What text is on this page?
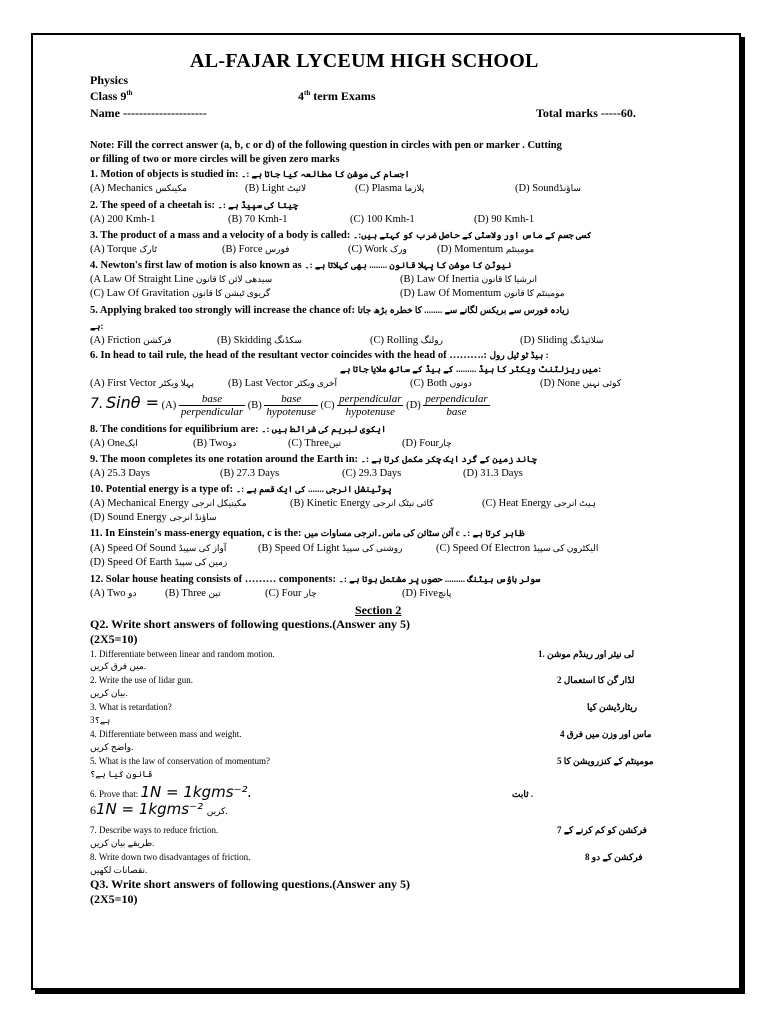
AL-FAJAR LYCEUM HIGH SCHOOL
Physics
Class 9th	4th term Exams
Name ---------------------	Total marks -----60.
Note: Fill the correct answer (a, b, c or d) of the following question in circles with pen or marker . Cutting
or filling of two or more circles will be given zero marks
1. Motion of objects is studied in: اجسام کی موشن کا مطالعہ کیا جاتا ہے :۔
(A) Mechanics مکینکس	(B) Light لائیٹ	(C) Plasma پلازما	(D) Soundساؤنڈ
2. The speed of a cheetah is: چیتا کی سپیڈ ہے :۔
(A) 200 Kmh-1	(B) 70 Kmh-1	(C) 100 Kmh-1	(D) 90 Kmh-1
3. The product of a mass and a velocity of a body is called: کسی جسم کے ماس اور ولاسٹی کے حاصل ضرب کو کہتے ہیں:۔
(A) Torque ٹارک	(B) Force فورس	(C) Work ورک	(D) Momentum مومینٹم
4. Newton's first law of motion is also known as نیوٹن کا موشن کا پہلا قانون ........ بھی کہلاتا ہے :۔
(A Law Of Straight Line سیدھی لائن کا قانون	(B) Law Of Inertia انرشیا کا قانون
(C) Law Of Gravitation گریوی ٹیشن کا قانون	(D) Law Of Momentum مومینٹم کا قانون
5. Applying braked too strongly will increase the chance of: زیادہ فورس سے بریکس لگانے سے ........ کا خطرہ بڑھ جاتا
ہے:
(A) Friction فرکشن	(B) Skidding سکڈنگ	(C) Rolling رولنگ	(D) Sliding سلائیڈنگ
6. In head to tail rule, the head of the resultant vector coincides with the head of ……….: ہیڈ ٹو ٹیل رول :
میں ریزلٹنٹ ویکٹر کا ہیڈ ......... کے ہیڈ کے ساتھ ملایا جاتا ہے:
(A) First Vector پہلا ویکٹر	(B) Last Vector آخری ویکٹر	(C) Both دونوں	(D) None کوئی نہیں
7. $Sin\theta = (A) \frac{\text{base}}{\text{perpendicular}} (B) \frac{\text{base}}{\text{hypotenuse}} (C) \frac{\text{perpendicular}}{\text{hypotenuse}} (D) \frac{\text{perpendicular}}{\text{base}}$
8. The conditions for equilibrium are: ایکوی لبریم کی شرائط ہیں :۔
(A) Oneایک	(B) Twoدو	(C) Threeتین	(D) Fourچار
9. The moon completes its one rotation around the Earth in: چاند زمین کے گرد ایک چکر مکمل کرتا ہے :۔
(A) 25.3 Days	(B) 27.3 Days	(C) 29.3 Days	(D) 31.3 Days
10. Potential energy is a type of: پوٹینشل انرجی ....... کی ایک قسم ہے :۔
(A) Mechanical Energy مکینیکل انرجی	(B) Kinetic Energy کائی نیٹک انرجی	(C) Heat Energy ہیٹ انرجی
(D) Sound Energy ساؤنڈ انرجی
11. In Einstein's mass-energy equation, c is the: آئن سٹائن کی ماس۔انرجی مساوات میں c ظاہر کرتا ہے :۔
(A) Speed Of Sound آواز کی سپیڈ	(B) Speed Of Light روشنی کی سپیڈ	(C) Speed Of Electron الیکٹرون کی سپیڈ
(D) Speed Of Earth زمین کی سپیڈ
12. Solar house heating consists of ……… components: سولر ہاؤس ہیٹنگ ......... حصوں پر مشتمل ہوتا ہے :۔
(A) Two دو	(B) Three تین	(C) Four چار	(D) Fiveپانچ
Section 2
Q2. Write short answers of following questions.(Answer any 5)
(2X5=10)
1. Differentiate between linear and random motion.	لی نیئر اور رینڈم موشن .1
میں فرق کریں.
2. Write the use of lidar gun.	لڈار گن کا استعمال 2
بیان کریں.
3. What is retardation?	ریٹارڈیشن کیا
ہے؟3
4. Differentiate between mass and weight.	ماس اور وزن میں فرق 4
واضح کریں.
5. What is the law of conservation of momentum?	مومینٹم کے کنزرویشن کا 5
قانون کیا ہے؟
6. Prove that: 1N = 1kgms⁻².	ثابت .
61N = 1kgms⁻² کریں.
7. Describe ways to reduce friction.	فرکشن کو کم کرنے کے 7
طریقے بیان کریں.
8. Write down two disadvantages of friction.	فرکشن کے دو 8
نقصانات لکھیں.
Q3. Write short answers of following questions.(Answer any 5)
(2X5=10)
